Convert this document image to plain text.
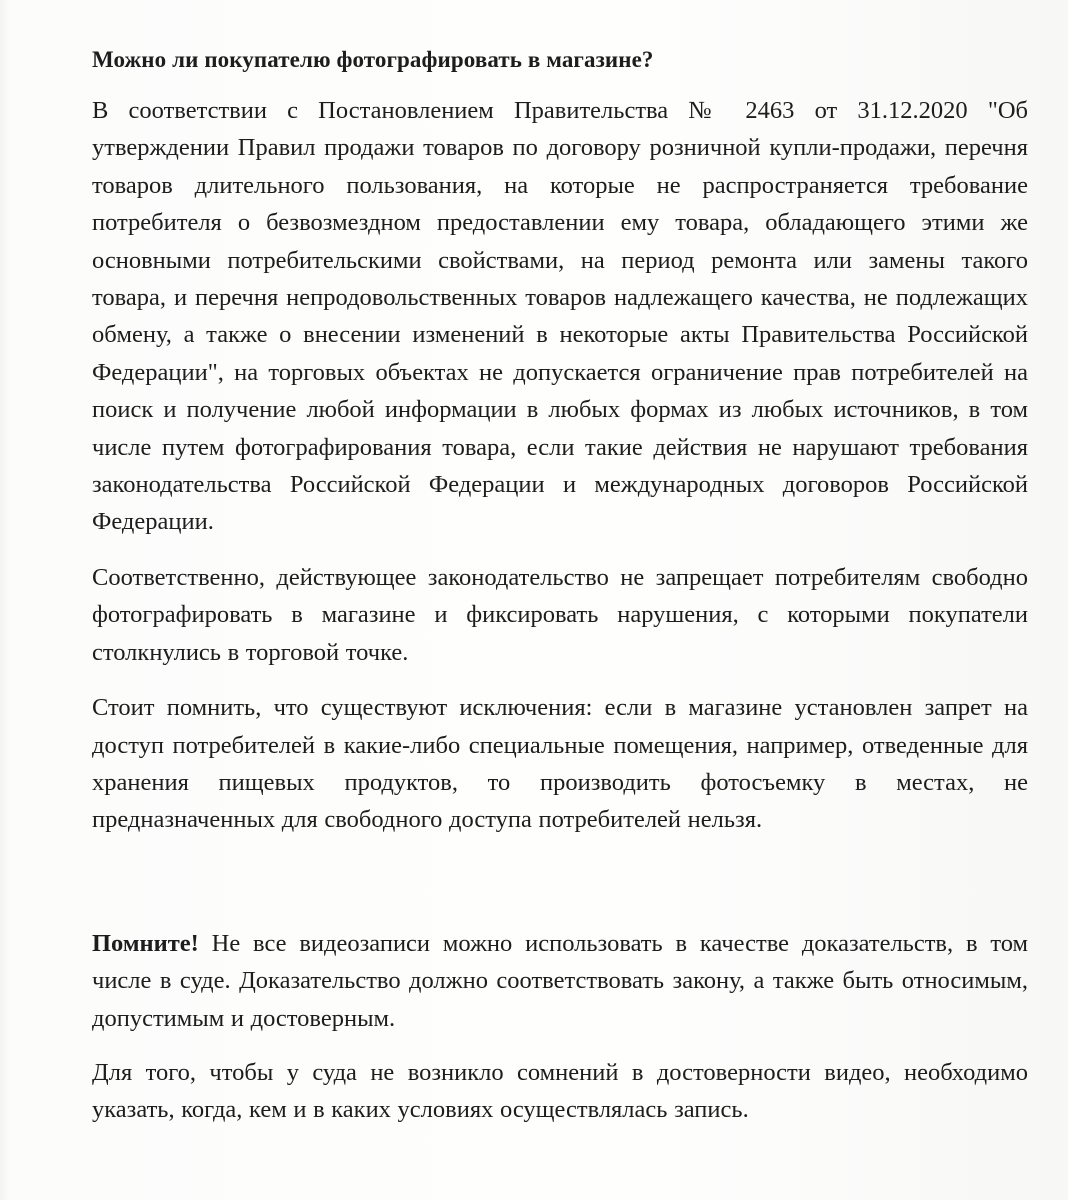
Можно ли покупателю фотографировать в магазине?

В соответствии с Постановлением Правительства № 2463 от 31.12.2020 "Об утверждении Правил продажи товаров по договору розничной купли-продажи, перечня товаров длительного пользования, на которые не распространяется требование потребителя о безвозмездном предоставлении ему товара, обладающего этими же основными потребительскими свойствами, на период ремонта или замены такого товара, и перечня непродовольственных товаров надлежащего качества, не подлежащих обмену, а также о внесении изменений в некоторые акты Правительства Российской Федерации", на торговых объектах не допускается ограничение прав потребителей на поиск и получение любой информации в любых формах из любых источников, в том числе путем фотографирования товара, если такие действия не нарушают требования законодательства Российской Федерации и международных договоров Российской Федерации.

Соответственно, действующее законодательство не запрещает потребителям свободно фотографировать в магазине и фиксировать нарушения, с которыми покупатели столкнулись в торговой точке.

Стоит помнить, что существуют исключения: если в магазине установлен запрет на доступ потребителей в какие-либо специальные помещения, например, отведенные для хранения пищевых продуктов, то производить фотосъемку в местах, не предназначенных для свободного доступа потребителей нельзя.

Помните! Не все видеозаписи можно использовать в качестве доказательств, в том числе в суде. Доказательство должно соответствовать закону, а также быть относимым, допустимым и достоверным.

Для того, чтобы у суда не возникло сомнений в достоверности видео, необходимо указать, когда, кем и в каких условиях осуществлялась запись.
